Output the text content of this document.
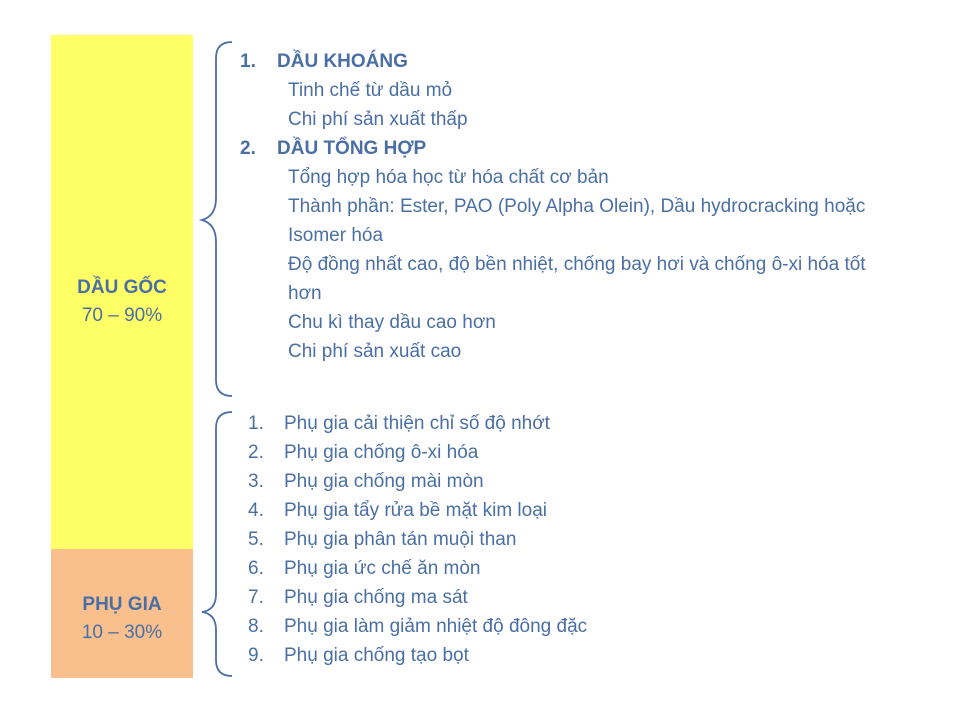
DẦU GỐC
70 – 90%
PHỤ GIA
10 – 30%
1. DẦU KHOÁNG
Tinh chế từ dầu mỏ
Chi phí sản xuất thấp
2. DẦU TỔNG HỢP
Tổng hợp hóa học từ hóa chất cơ bản
Thành phần: Ester, PAO (Poly Alpha Olein), Dầu hydrocracking hoặc Isomer hóa
Độ đồng nhất cao, độ bền nhiệt, chống bay hơi và chống ô-xi hóa tốt hơn
Chu kì thay dầu cao hơn
Chi phí sản xuất cao
1. Phụ gia cải thiện chỉ số độ nhớt
2. Phụ gia chống ô-xi hóa
3. Phụ gia chống mài mòn
4. Phụ gia tẩy rửa bề mặt kim loại
5. Phụ gia phân tán muội than
6. Phụ gia ức chế ăn mòn
7. Phụ gia chống ma sát
8. Phụ gia làm giảm nhiệt độ đông đặc
9. Phụ gia chống tạo bọt
